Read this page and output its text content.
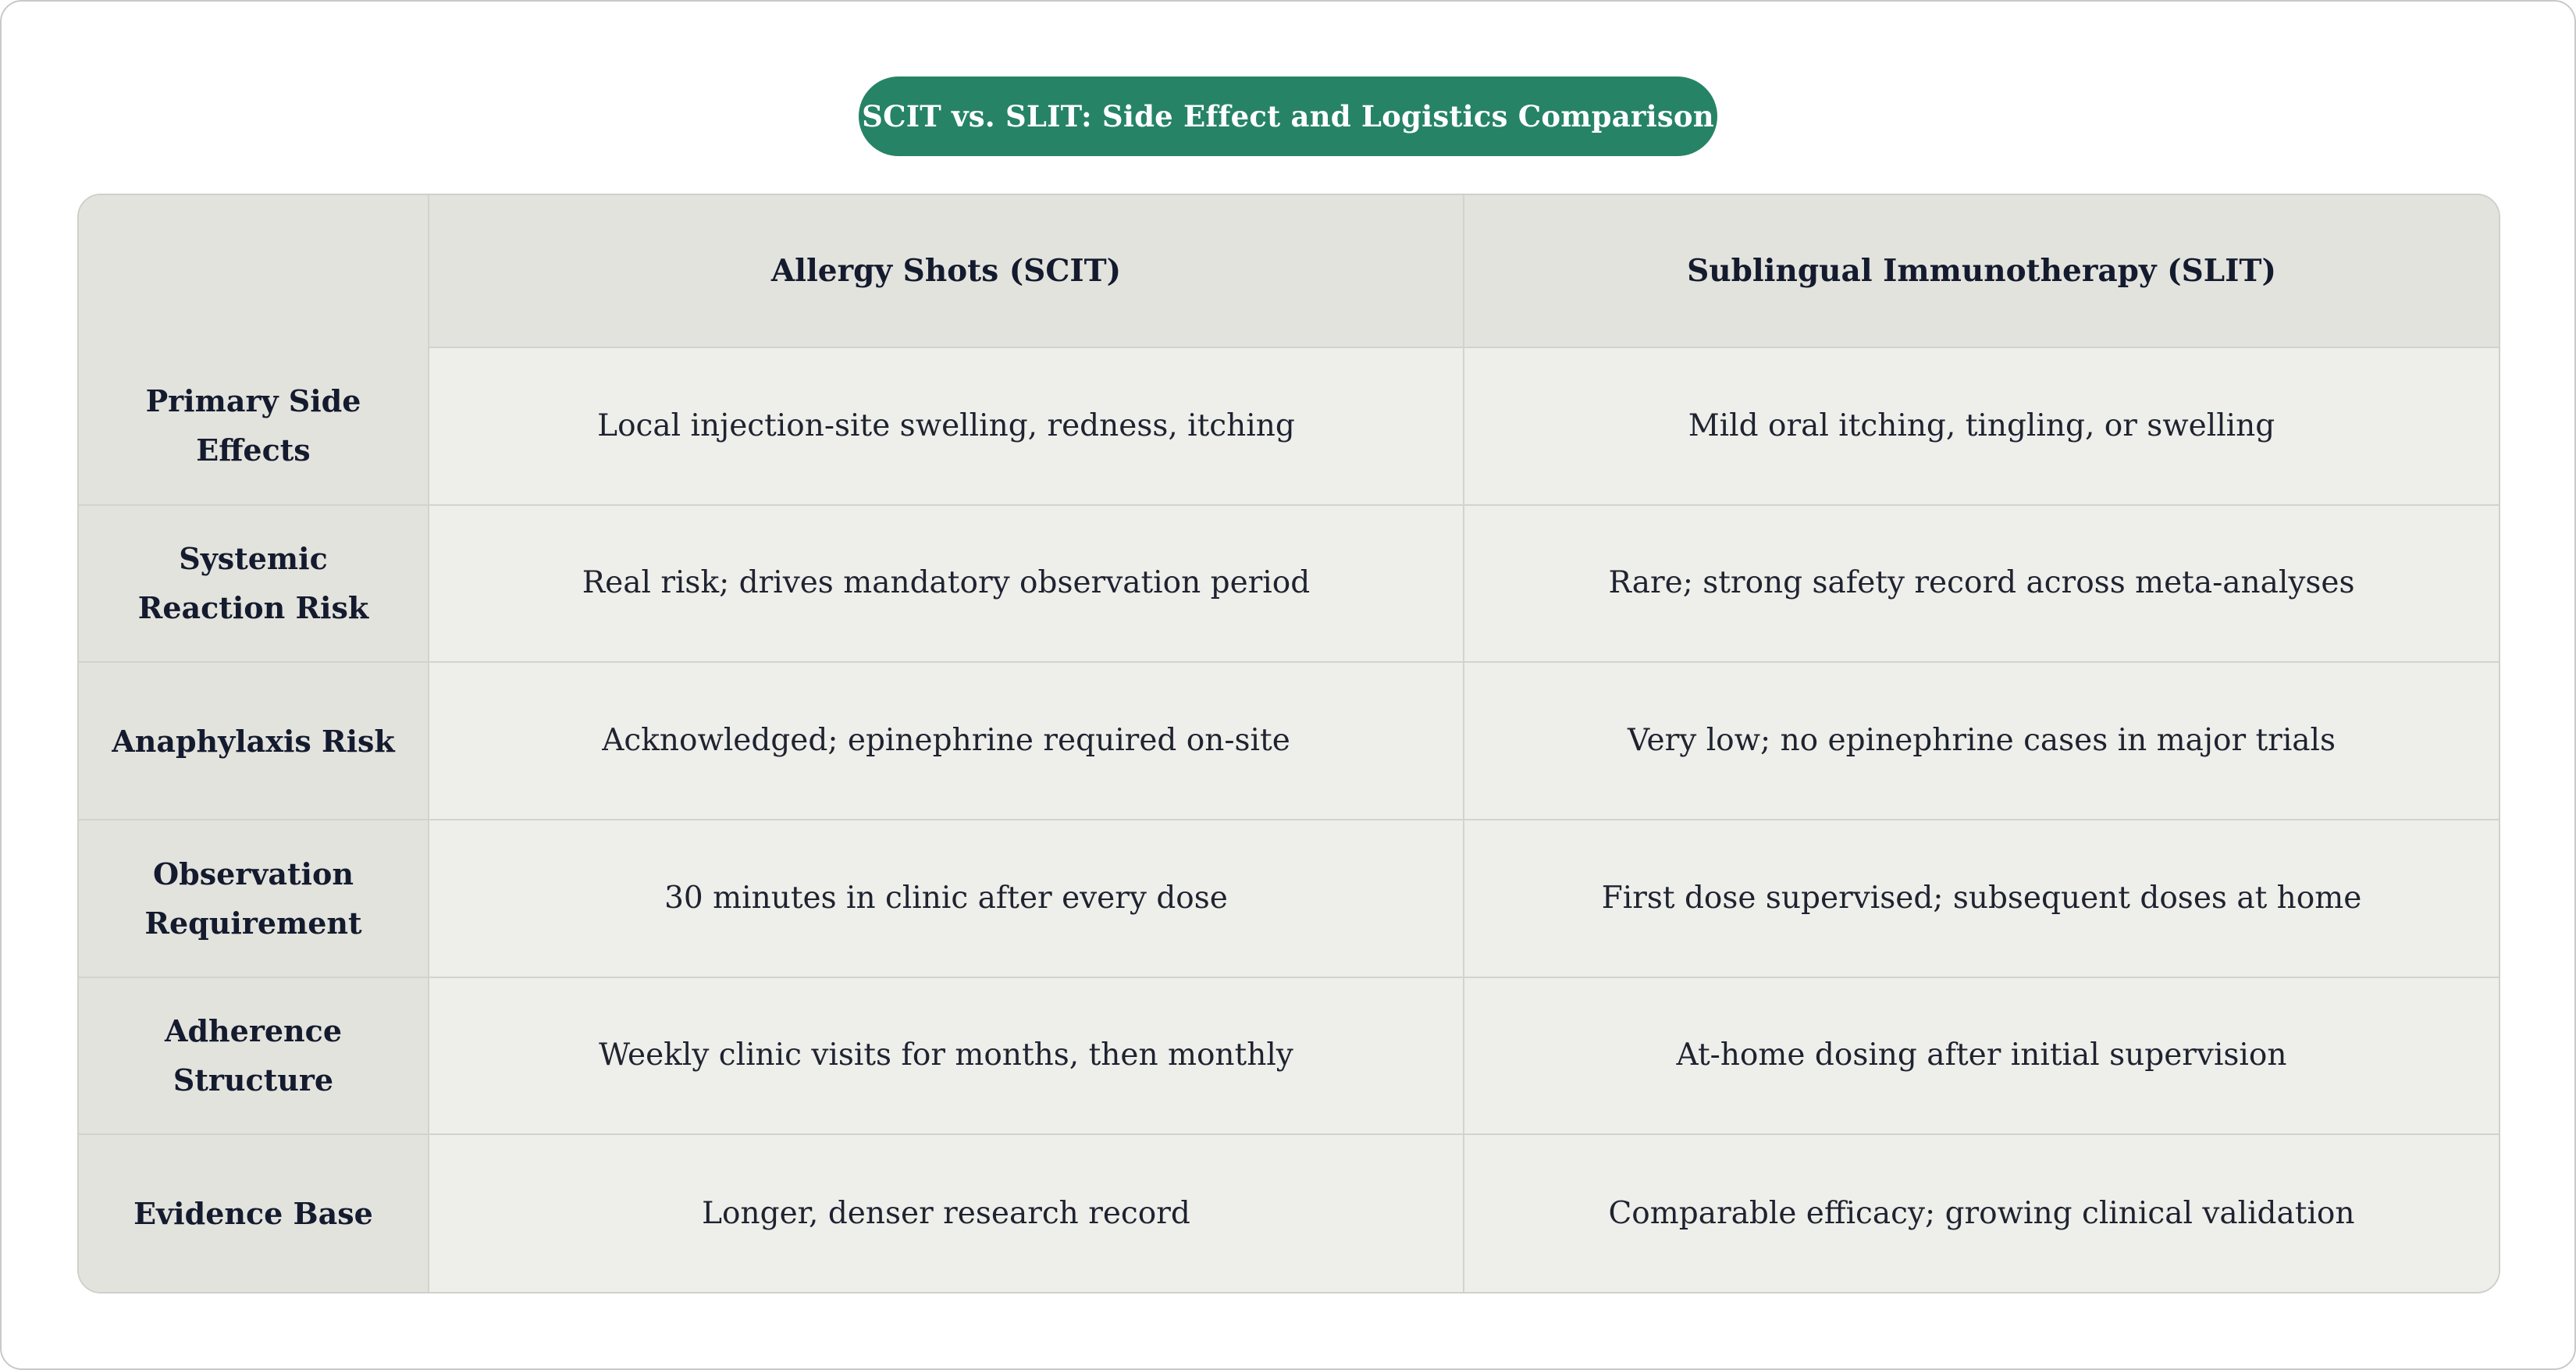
SCIT vs. SLIT: Side Effect and Logistics Comparison
	Allergy Shots (SCIT)	Sublingual Immunotherapy (SLIT)
Primary Side Effects	Local injection-site swelling, redness, itching	Mild oral itching, tingling, or swelling
Systemic Reaction Risk	Real risk; drives mandatory observation period	Rare; strong safety record across meta-analyses
Anaphylaxis Risk	Acknowledged; epinephrine required on-site	Very low; no epinephrine cases in major trials
Observation Requirement	30 minutes in clinic after every dose	First dose supervised; subsequent doses at home
Adherence Structure	Weekly clinic visits for months, then monthly	At-home dosing after initial supervision
Evidence Base	Longer, denser research record	Comparable efficacy; growing clinical validation
